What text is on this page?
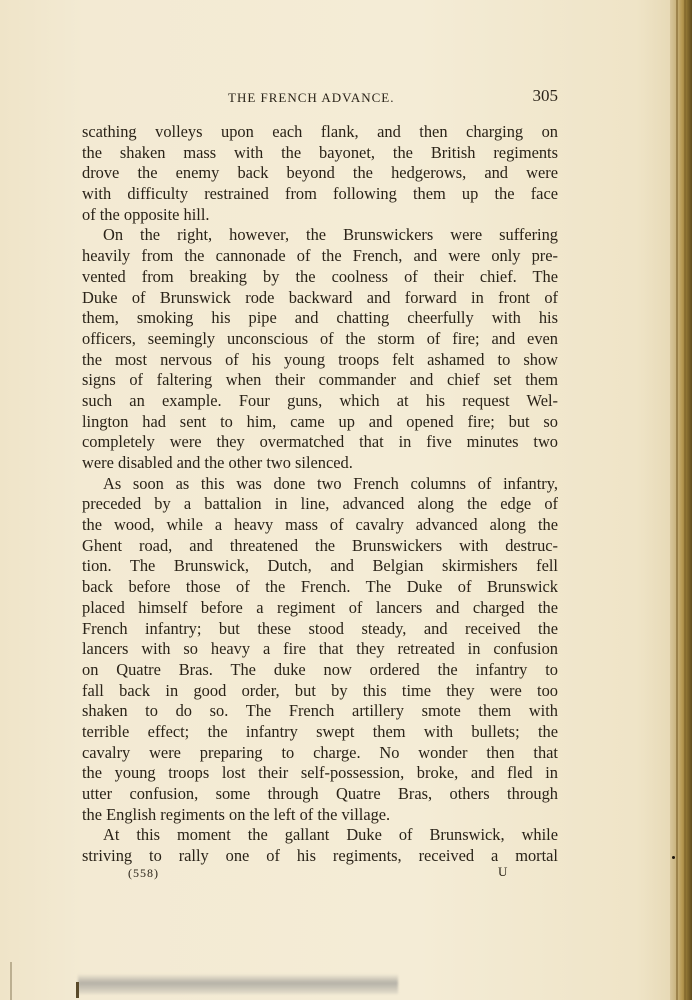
THE FRENCH ADVANCE.	305
scathing volleys upon each flank, and then charging on
the shaken mass with the bayonet, the British regiments
drove the enemy back beyond the hedgerows, and were
with difficulty restrained from following them up the face
of the opposite hill.
On the right, however, the Brunswickers were suffering
heavily from the cannonade of the French, and were only pre-
vented from breaking by the coolness of their chief. The
Duke of Brunswick rode backward and forward in front of
them, smoking his pipe and chatting cheerfully with his
officers, seemingly unconscious of the storm of fire; and even
the most nervous of his young troops felt ashamed to show
signs of faltering when their commander and chief set them
such an example. Four guns, which at his request Wel-
lington had sent to him, came up and opened fire; but so
completely were they overmatched that in five minutes two
were disabled and the other two silenced.
As soon as this was done two French columns of infantry,
preceded by a battalion in line, advanced along the edge of
the wood, while a heavy mass of cavalry advanced along the
Ghent road, and threatened the Brunswickers with destruc-
tion. The Brunswick, Dutch, and Belgian skirmishers fell
back before those of the French. The Duke of Brunswick
placed himself before a regiment of lancers and charged the
French infantry; but these stood steady, and received the
lancers with so heavy a fire that they retreated in confusion
on Quatre Bras. The duke now ordered the infantry to
fall back in good order, but by this time they were too
shaken to do so. The French artillery smote them with
terrible effect; the infantry swept them with bullets; the
cavalry were preparing to charge. No wonder then that
the young troops lost their self-possession, broke, and fled in
utter confusion, some through Quatre Bras, others through
the English regiments on the left of the village.
At this moment the gallant Duke of Brunswick, while
striving to rally one of his regiments, received a mortal
(558)	U
